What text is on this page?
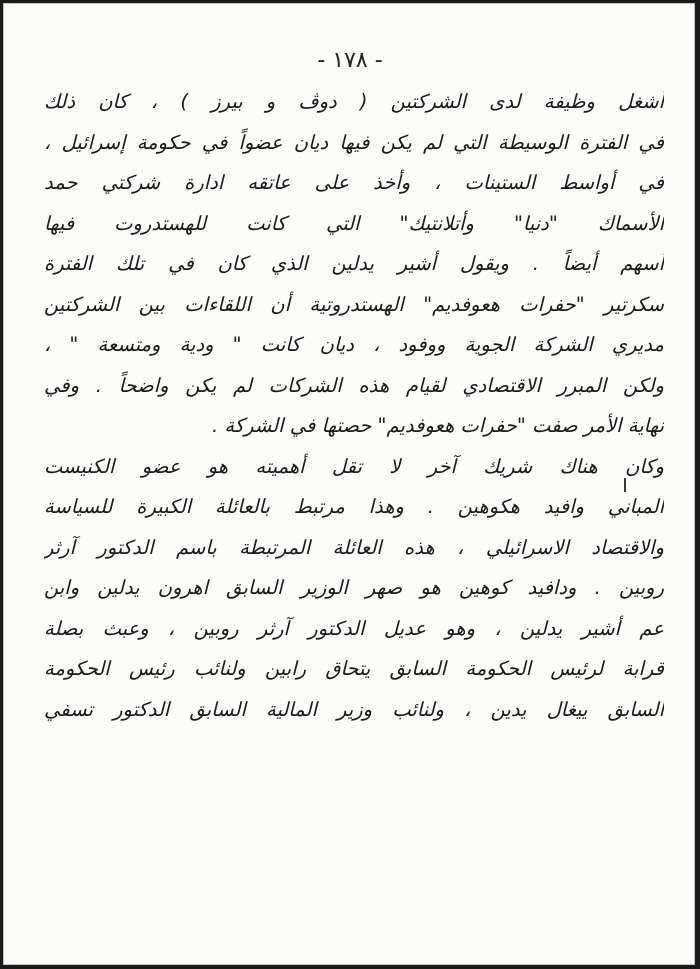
- ١٧٨ -
أشغل وظيفة لدى الشركتين ( دوڤ و بيرز ) ، كان ذلك
في الفترة الوسيطة التي لم يكن فيها ديان عضواً في حكومة إسرائيل ،
في أواسط الستينات ، وأخذ على عاتقه ادارة شركتي حمد
الأسماك "دنيا" وأتلانتيك" التي كانت للهستدروت فيها
أسهم أيضاً . ويقول أشير يدلين الذي كان في تلك الفترة
سكرتير "حفرات هعوفديم" الهستدروتية أن اللقاءات بين الشركتين
مديري الشركة الجوية ووفود ، ديان كانت " ودية ومتسعة " ،
ولكن المبرر الاقتصادي لقيام هذه الشركات لم يكن واضحاً . وفي
نهاية الأمر صفت "حفرات هعوفديم" حصتها في الشركة .
وكان هناك شريك آخر لا تقل أهميته هو عضو الكنيست
المباني وافيد هكوهين . وهذا مرتبط بالعائلة الكبيرة للسياسة
والاقتصاد الاسرائيلي ، هذه العائلة المرتبطة باسم الدكتور آرثر
روبين . ودافيد كوهين هو صهر الوزير السابق اهرون يدلين وابن
عم أشير يدلين ، وهو عديل الدكتور آرثر روبين ، وعبث بصلة
قرابة لرئيس الحكومة السابق يتحاق رابين ولنائب رئيس الحكومة
السابق ييغال يدين ، ولنائب وزير المالية السابق الدكتور تسفي
